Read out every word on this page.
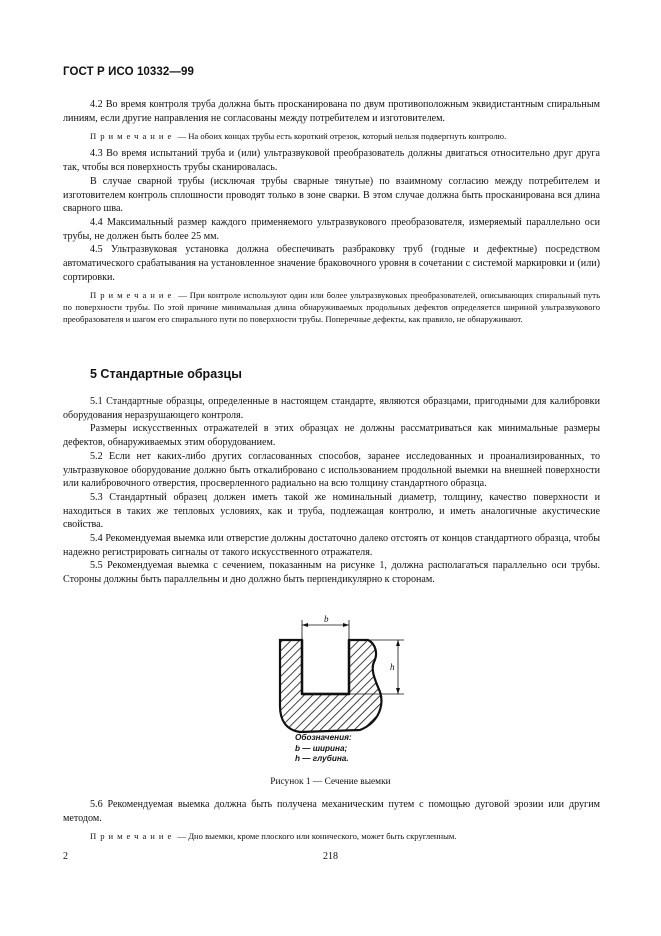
ГОСТ Р ИСО 10332—99

4.2 Во время контроля труба должна быть просканирована по двум противоположным эквидистантным спиральным линиям, если другие направления не согласованы между потребителем и изготовителем.

Примечание — На обоих концах трубы есть короткий отрезок, который нельзя подвергнуть контролю.

4.3 Во время испытаний труба и (или) ультразвуковой преобразователь должны двигаться относительно друг друга так, чтобы вся поверхность трубы сканировалась.

В случае сварной трубы (исключая трубы сварные тянутые) по взаимному согласию между потребителем и изготовителем контроль сплошности проводят только в зоне сварки. В этом случае должна быть просканирована вся длина сварного шва.

4.4 Максимальный размер каждого применяемого ультразвукового преобразователя, измеряемый параллельно оси трубы, не должен быть более 25 мм.

4.5 Ультразвуковая установка должна обеспечивать разбраковку труб (годные и дефектные) посредством автоматического срабатывания на установленное значение браковочного уровня в сочетании с системой маркировки и (или) сортировки.

Примечание — При контроле используют один или более ультразвуковых преобразователей, описывающих спиральный путь по поверхности трубы. По этой причине минимальная длина обнаруживаемых продольных дефектов определяется шириной ультразвукового преобразователя и шагом его спирального пути по поверхности трубы. Поперечные дефекты, как правило, не обнаруживают.

5 Стандартные образцы

5.1 Стандартные образцы, определенные в настоящем стандарте, являются образцами, пригодными для калибровки оборудования неразрушающего контроля.

Размеры искусственных отражателей в этих образцах не должны рассматриваться как минимальные размеры дефектов, обнаруживаемых этим оборудованием.

5.2 Если нет каких-либо других согласованных способов, заранее исследованных и проанализированных, то ультразвуковое оборудование должно быть откалибровано с использованием продольной выемки на внешней поверхности или калибровочного отверстия, просверленного радиально на всю толщину стандартного образца.

5.3 Стандартный образец должен иметь такой же номинальный диаметр, толщину, качество поверхности и находиться в таких же тепловых условиях, как и труба, подлежащая контролю, и иметь аналогичные акустические свойства.

5.4 Рекомендуемая выемка или отверстие должны достаточно далеко отстоять от концов стандартного образца, чтобы надежно регистрировать сигналы от такого искусственного отражателя.

5.5 Рекомендуемая выемка с сечением, показанным на рисунке 1, должна располагаться параллельно оси трубы. Стороны должны быть параллельны и дно должно быть перпендикулярно к сторонам.

b
h
Обозначения:
b — ширина;
h — глубина.
Рисунок 1 — Сечение выемки

5.6 Рекомендуемая выемка должна быть получена механическим путем с помощью дуговой эрозии или другим методом.

Примечание — Дно выемки, кроме плоского или конического, может быть скругленным.

2	218
